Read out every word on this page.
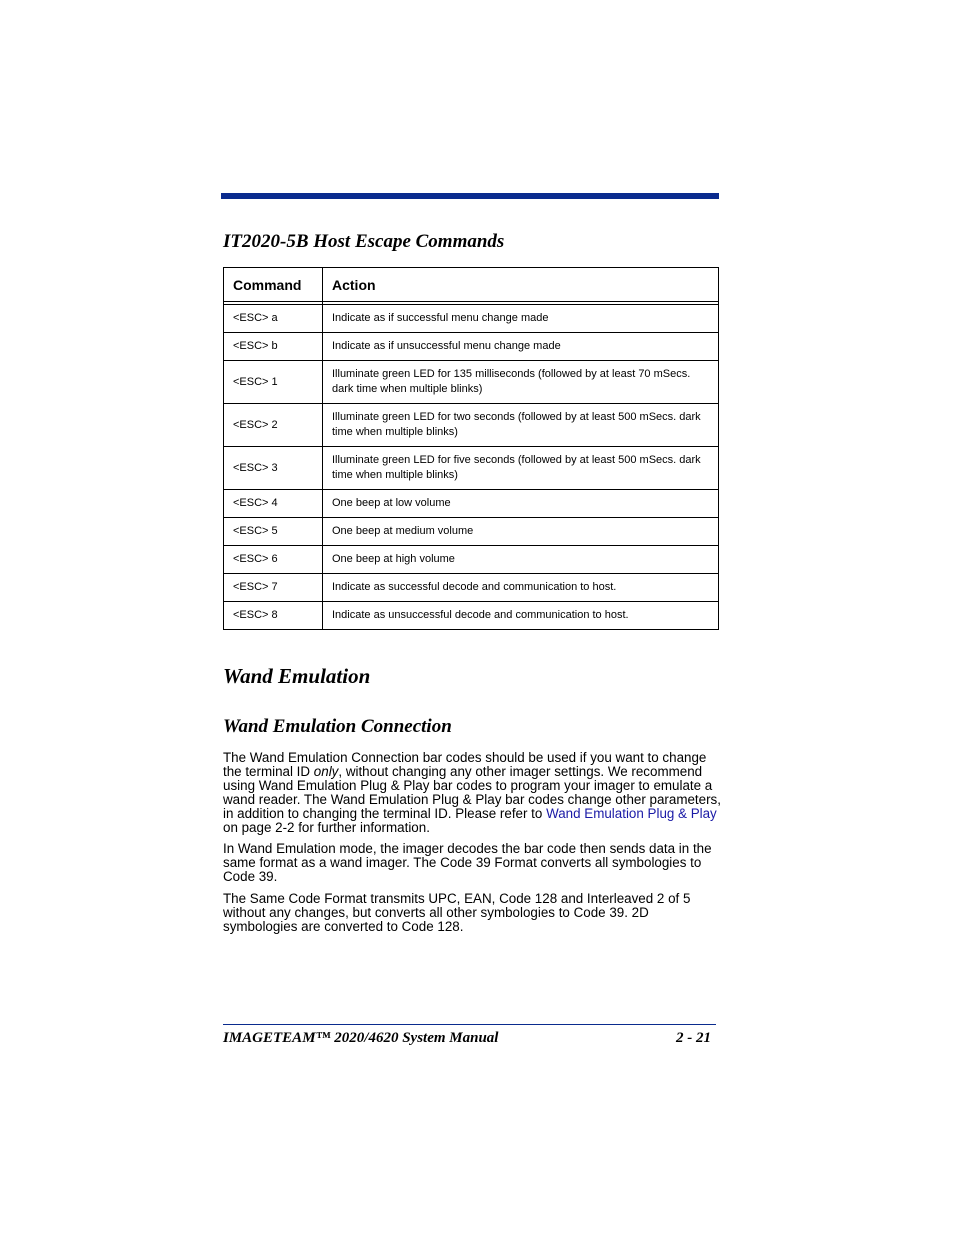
IT2020-5B Host Escape Commands
Command	Action

<ESC> a	Indicate as if successful menu change made
<ESC> b	Indicate as if unsuccessful menu change made
<ESC> 1	Illuminate green LED for 135 milliseconds (followed by at least 70 mSecs. dark time when multiple blinks)
<ESC> 2	Illuminate green LED for two seconds (followed by at least 500 mSecs. dark time when multiple blinks)
<ESC> 3	Illuminate green LED for five seconds (followed by at least 500 mSecs. dark time when multiple blinks)
<ESC> 4	One beep at low volume
<ESC> 5	One beep at medium volume
<ESC> 6	One beep at high volume
<ESC> 7	Indicate as successful decode and communication to host.
<ESC> 8	Indicate as unsuccessful decode and communication to host.
Wand Emulation
Wand Emulation Connection

The Wand Emulation Connection bar codes should be used if you want to change the terminal ID only, without changing any other imager settings. We recommend using Wand Emulation Plug & Play bar codes to program your imager to emulate a wand reader. The Wand Emulation Plug & Play bar codes change other parameters, in addition to changing the terminal ID. Please refer to Wand Emulation Plug & Play on page 2-2 for further information.

In Wand Emulation mode, the imager decodes the bar code then sends data in the same format as a wand imager. The Code 39 Format converts all symbologies to Code 39.

The Same Code Format transmits UPC, EAN, Code 128 and Interleaved 2 of 5 without any changes, but converts all other symbologies to Code 39. 2D symbologies are converted to Code 128.

IMAGETEAM™ 2020/4620 System Manual	2 - 21
